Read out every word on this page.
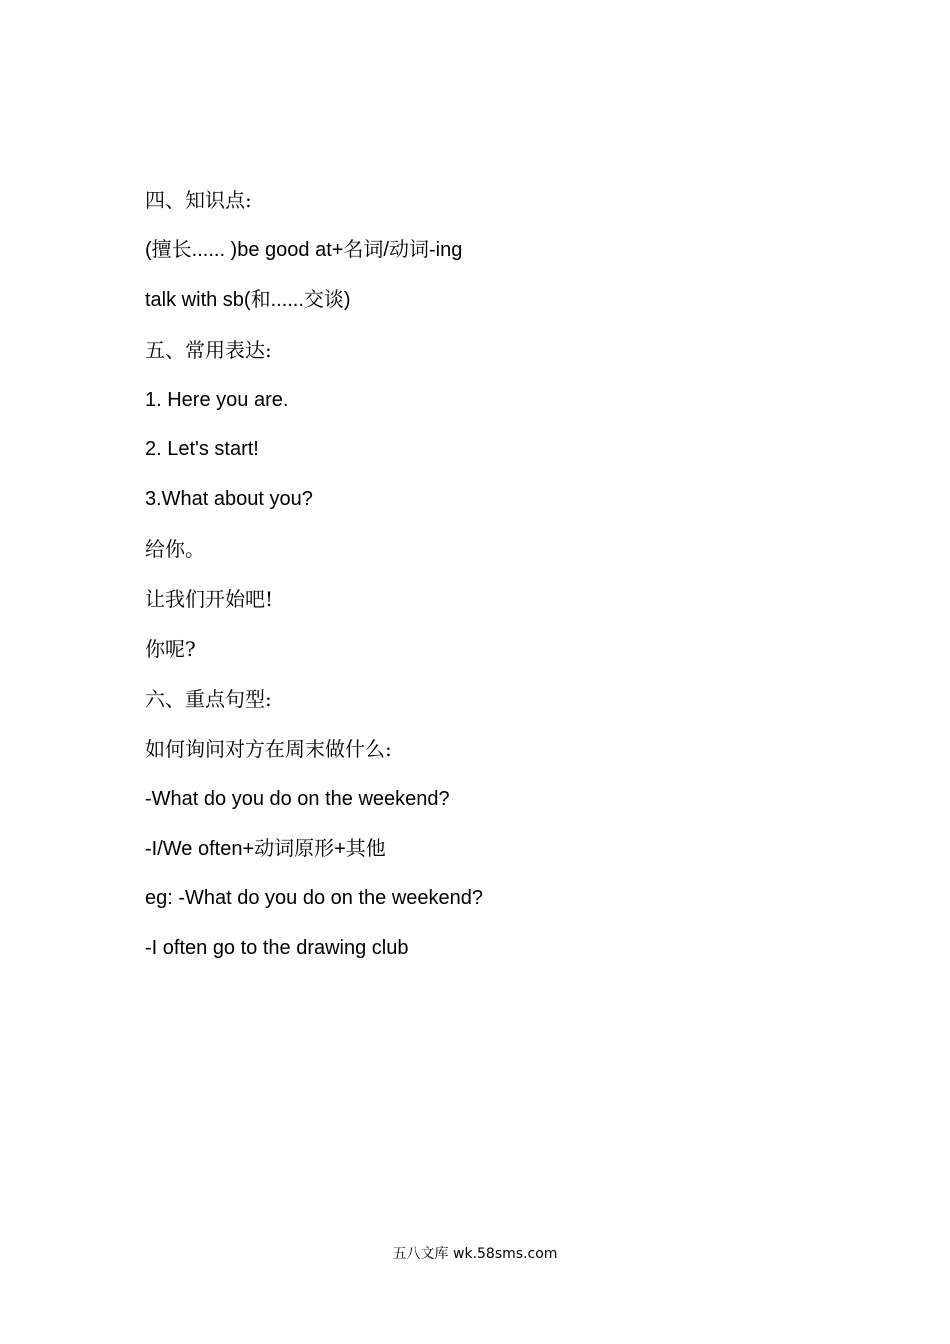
四、知识点:
(擅长...... )be good at+名词/动词-ing
talk with sb(和......交谈)
五、常用表达:
1. Here you are.
2. Let's start!
3.What about you?
给你。
让我们开始吧!
你呢?
六、重点句型:
如何询问对方在周末做什么:
-What do you do on the weekend?
-I/We often+动词原形+其他
eg: -What do you do on the weekend?
-I often go to the drawing club
五八文库 wk.58sms.com
